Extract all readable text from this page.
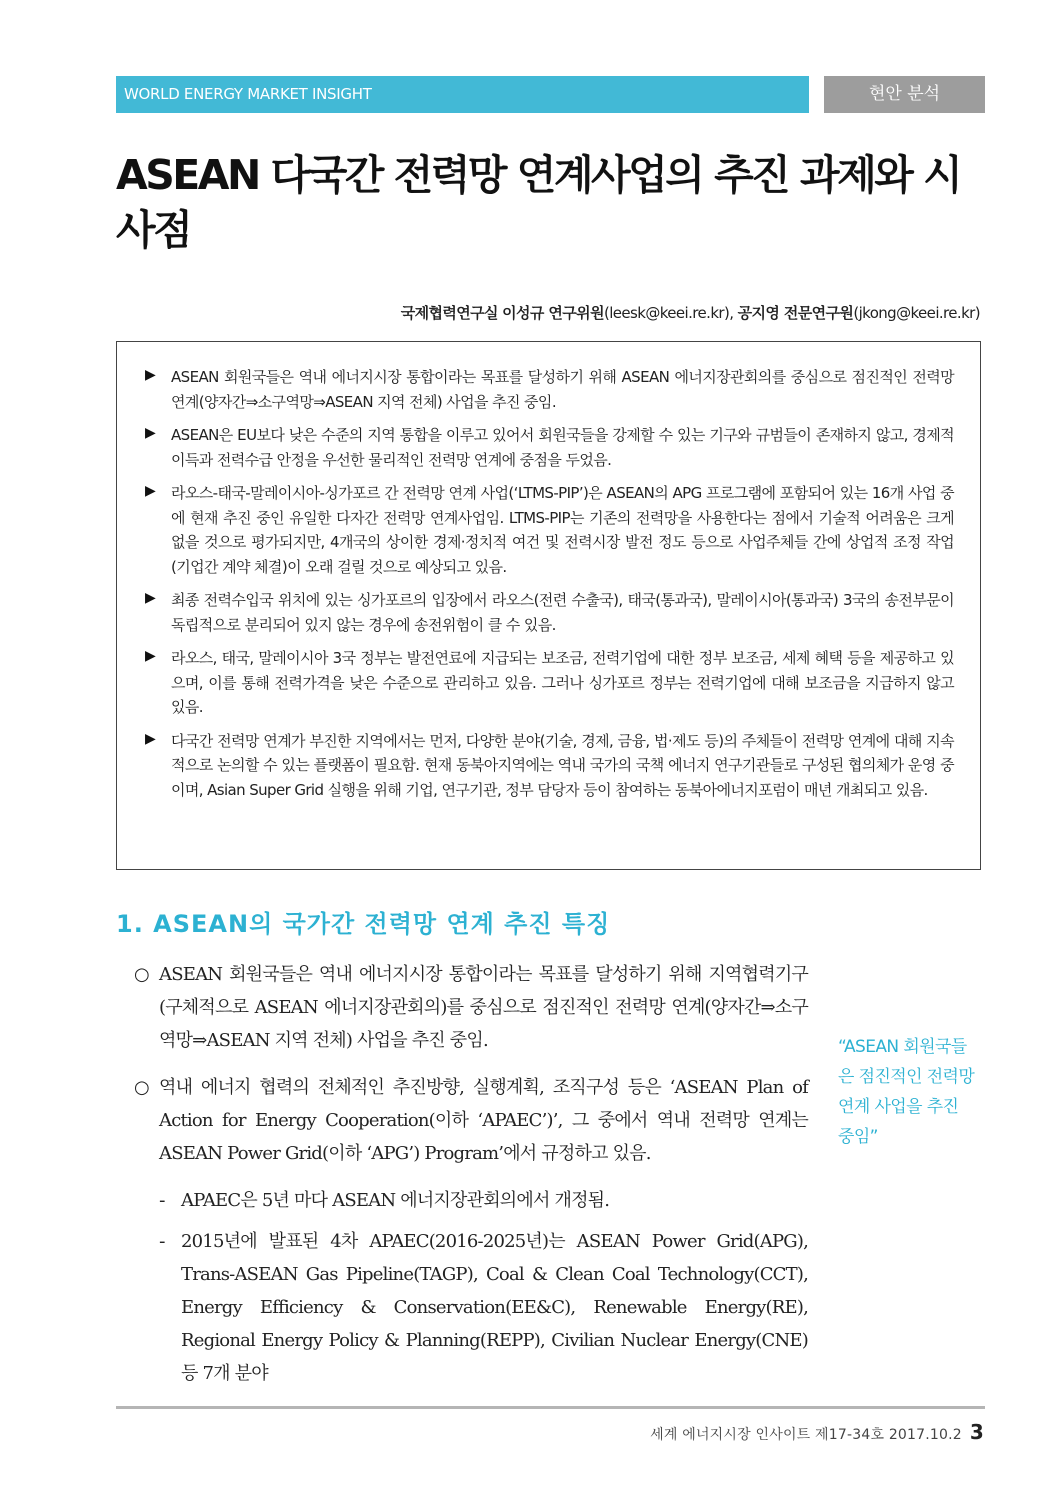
WORLD ENERGY MARKET INSIGHT	현안 분석
ASEAN 다국간 전력망 연계사업의 추진 과제와 시사점
국제협력연구실 이성규 연구위원(leesk@keei.re.kr), 공지영 전문연구원(jkong@keei.re.kr)
▶ ASEAN 회원국들은 역내 에너지시장 통합이라는 목표를 달성하기 위해 ASEAN 에너지장관회의를 중심으로 점진적인 전력망 연계(양자간⇒소구역망⇒ASEAN 지역 전체) 사업을 추진 중임.
▶ ASEAN은 EU보다 낮은 수준의 지역 통합을 이루고 있어서 회원국들을 강제할 수 있는 기구와 규범들이 존재하지 않고, 경제적 이득과 전력수급 안정을 우선한 물리적인 전력망 연계에 중점을 두었음.
▶ 라오스-태국-말레이시아-싱가포르 간 전력망 연계 사업(‘LTMS-PIP’)은 ASEAN의 APG 프로그램에 포함되어 있는 16개 사업 중에 현재 추진 중인 유일한 다자간 전력망 연계사업임. LTMS-PIP는 기존의 전력망을 사용한다는 점에서 기술적 어려움은 크게 없을 것으로 평가되지만, 4개국의 상이한 경제·정치적 여건 및 전력시장 발전 정도 등으로 사업주체들 간에 상업적 조정 작업(기업간 계약 체결)이 오래 걸릴 것으로 예상되고 있음.
▶ 최종 전력수입국 위치에 있는 싱가포르의 입장에서 라오스(전련 수출국), 태국(통과국), 말레이시아(통과국) 3국의 송전부문이 독립적으로 분리되어 있지 않는 경우에 송전위험이 클 수 있음.
▶ 라오스, 태국, 말레이시아 3국 정부는 발전연료에 지급되는 보조금, 전력기업에 대한 정부 보조금, 세제 혜택 등을 제공하고 있으며, 이를 통해 전력가격을 낮은 수준으로 관리하고 있음. 그러나 싱가포르 정부는 전력기업에 대해 보조금을 지급하지 않고 있음.
▶ 다국간 전력망 연계가 부진한 지역에서는 먼저, 다양한 분야(기술, 경제, 금융, 법·제도 등)의 주체들이 전력망 연계에 대해 지속적으로 논의할 수 있는 플랫폼이 필요함. 현재 동북아지역에는 역내 국가의 국책 에너지 연구기관들로 구성된 협의체가 운영 중이며, Asian Super Grid 실행을 위해 기업, 연구기관, 정부 담당자 등이 참여하는 동북아에너지포럼이 매년 개최되고 있음.
1. ASEAN의 국가간 전력망 연계 추진 특징
○ ASEAN 회원국들은 역내 에너지시장 통합이라는 목표를 달성하기 위해 지역협력기구(구체적으로 ASEAN 에너지장관회의)를 중심으로 점진적인 전력망 연계(양자간⇒소구역망⇒ASEAN 지역 전체) 사업을 추진 중임.
○ 역내 에너지 협력의 전체적인 추진방향, 실행계획, 조직구성 등은 ‘ASEAN Plan of Action for Energy Cooperation(이하 ‘APAEC’)’, 그 중에서 역내 전력망 연계는 ASEAN Power Grid(이하 ‘APG’) Program’에서 규정하고 있음.
- APAEC은 5년 마다 ASEAN 에너지장관회의에서 개정됨.
- 2015년에 발표된 4차 APAEC(2016-2025년)는 ASEAN Power Grid(APG), Trans-ASEAN Gas Pipeline(TAGP), Coal & Clean Coal Technology(CCT), Energy Efficiency & Conservation(EE&C), Renewable Energy(RE), Regional Energy Policy & Planning(REPP), Civilian Nuclear Energy(CNE) 등 7개 분야
“ASEAN 회원국들은 점진적인 전력망 연계 사업을 추진 중임”
세계 에너지시장 인사이트 제17-34호 2017.10.2 3
